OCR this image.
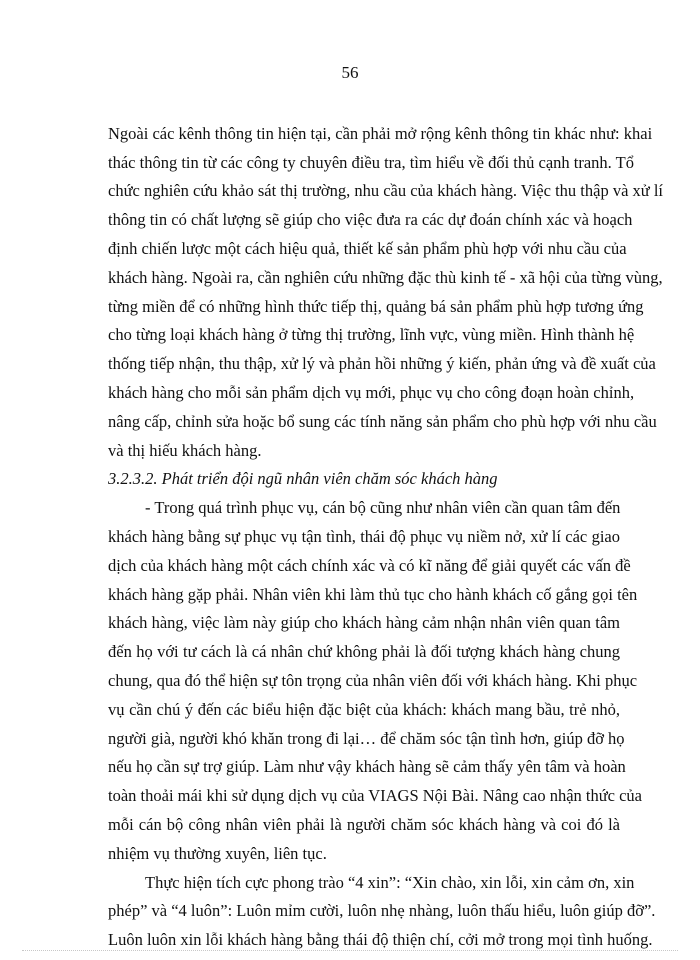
56
Ngoài các kênh thông tin hiện tại, cần phải mở rộng kênh thông tin khác như: khai
thác thông tin từ các công ty chuyên điều tra, tìm hiểu về đối thủ cạnh tranh. Tổ
chức nghiên cứu khảo sát thị trường, nhu cầu của khách hàng. Việc thu thập và xử lí
thông tin có chất lượng sẽ giúp cho việc đưa ra các dự đoán chính xác và hoạch
định chiến lược một cách hiệu quả, thiết kế sản phẩm phù hợp với nhu cầu của
khách hàng. Ngoài ra, cần nghiên cứu những đặc thù kinh tế - xã hội của từng vùng,
từng miền để có những hình thức tiếp thị, quảng bá sản phẩm phù hợp tương ứng
cho từng loại khách hàng ở từng thị trường, lĩnh vực, vùng miền. Hình thành hệ
thống tiếp nhận, thu thập, xử lý và phản hồi những ý kiến, phản ứng và đề xuất của
khách hàng cho mỗi sản phẩm dịch vụ mới, phục vụ cho công đoạn hoàn chỉnh,
nâng cấp, chỉnh sửa hoặc bổ sung các tính năng sản phẩm cho phù hợp với nhu cầu
và thị hiếu khách hàng.
3.2.3.2. Phát triển đội ngũ nhân viên chăm sóc khách hàng
- Trong quá trình phục vụ, cán bộ cũng như nhân viên cần quan tâm đến
khách hàng bằng sự phục vụ tận tình, thái độ phục vụ niềm nở, xử lí các giao
dịch của khách hàng một cách chính xác và có kĩ năng để giải quyết các vấn đề
khách hàng gặp phải. Nhân viên khi làm thủ tục cho hành khách cố gắng gọi tên
khách hàng, việc làm này giúp cho khách hàng cảm nhận nhân viên quan tâm
đến họ với tư cách là cá nhân chứ không phải là đối tượng khách hàng chung
chung, qua đó thể hiện sự tôn trọng của nhân viên đối với khách hàng. Khi phục
vụ cần chú ý đến các biểu hiện đặc biệt của khách: khách mang bầu, trẻ nhỏ,
người già, người khó khăn trong đi lại… để chăm sóc tận tình hơn, giúp đỡ họ
nếu họ cần sự trợ giúp. Làm như vậy khách hàng sẽ cảm thấy yên tâm và hoàn
toàn thoải mái khi sử dụng dịch vụ của VIAGS Nội Bài. Nâng cao nhận thức của
mỗi cán bộ công nhân viên phải là người chăm sóc khách hàng và coi đó là
nhiệm vụ thường xuyên, liên tục.
Thực hiện tích cực phong trào “4 xin”: “Xin chào, xin lỗi, xin cảm ơn, xin
phép” và “4 luôn”: Luôn mỉm cười, luôn nhẹ nhàng, luôn thấu hiểu, luôn giúp đỡ”.
Luôn luôn xin lỗi khách hàng bằng thái độ thiện chí, cởi mở trong mọi tình huống.
